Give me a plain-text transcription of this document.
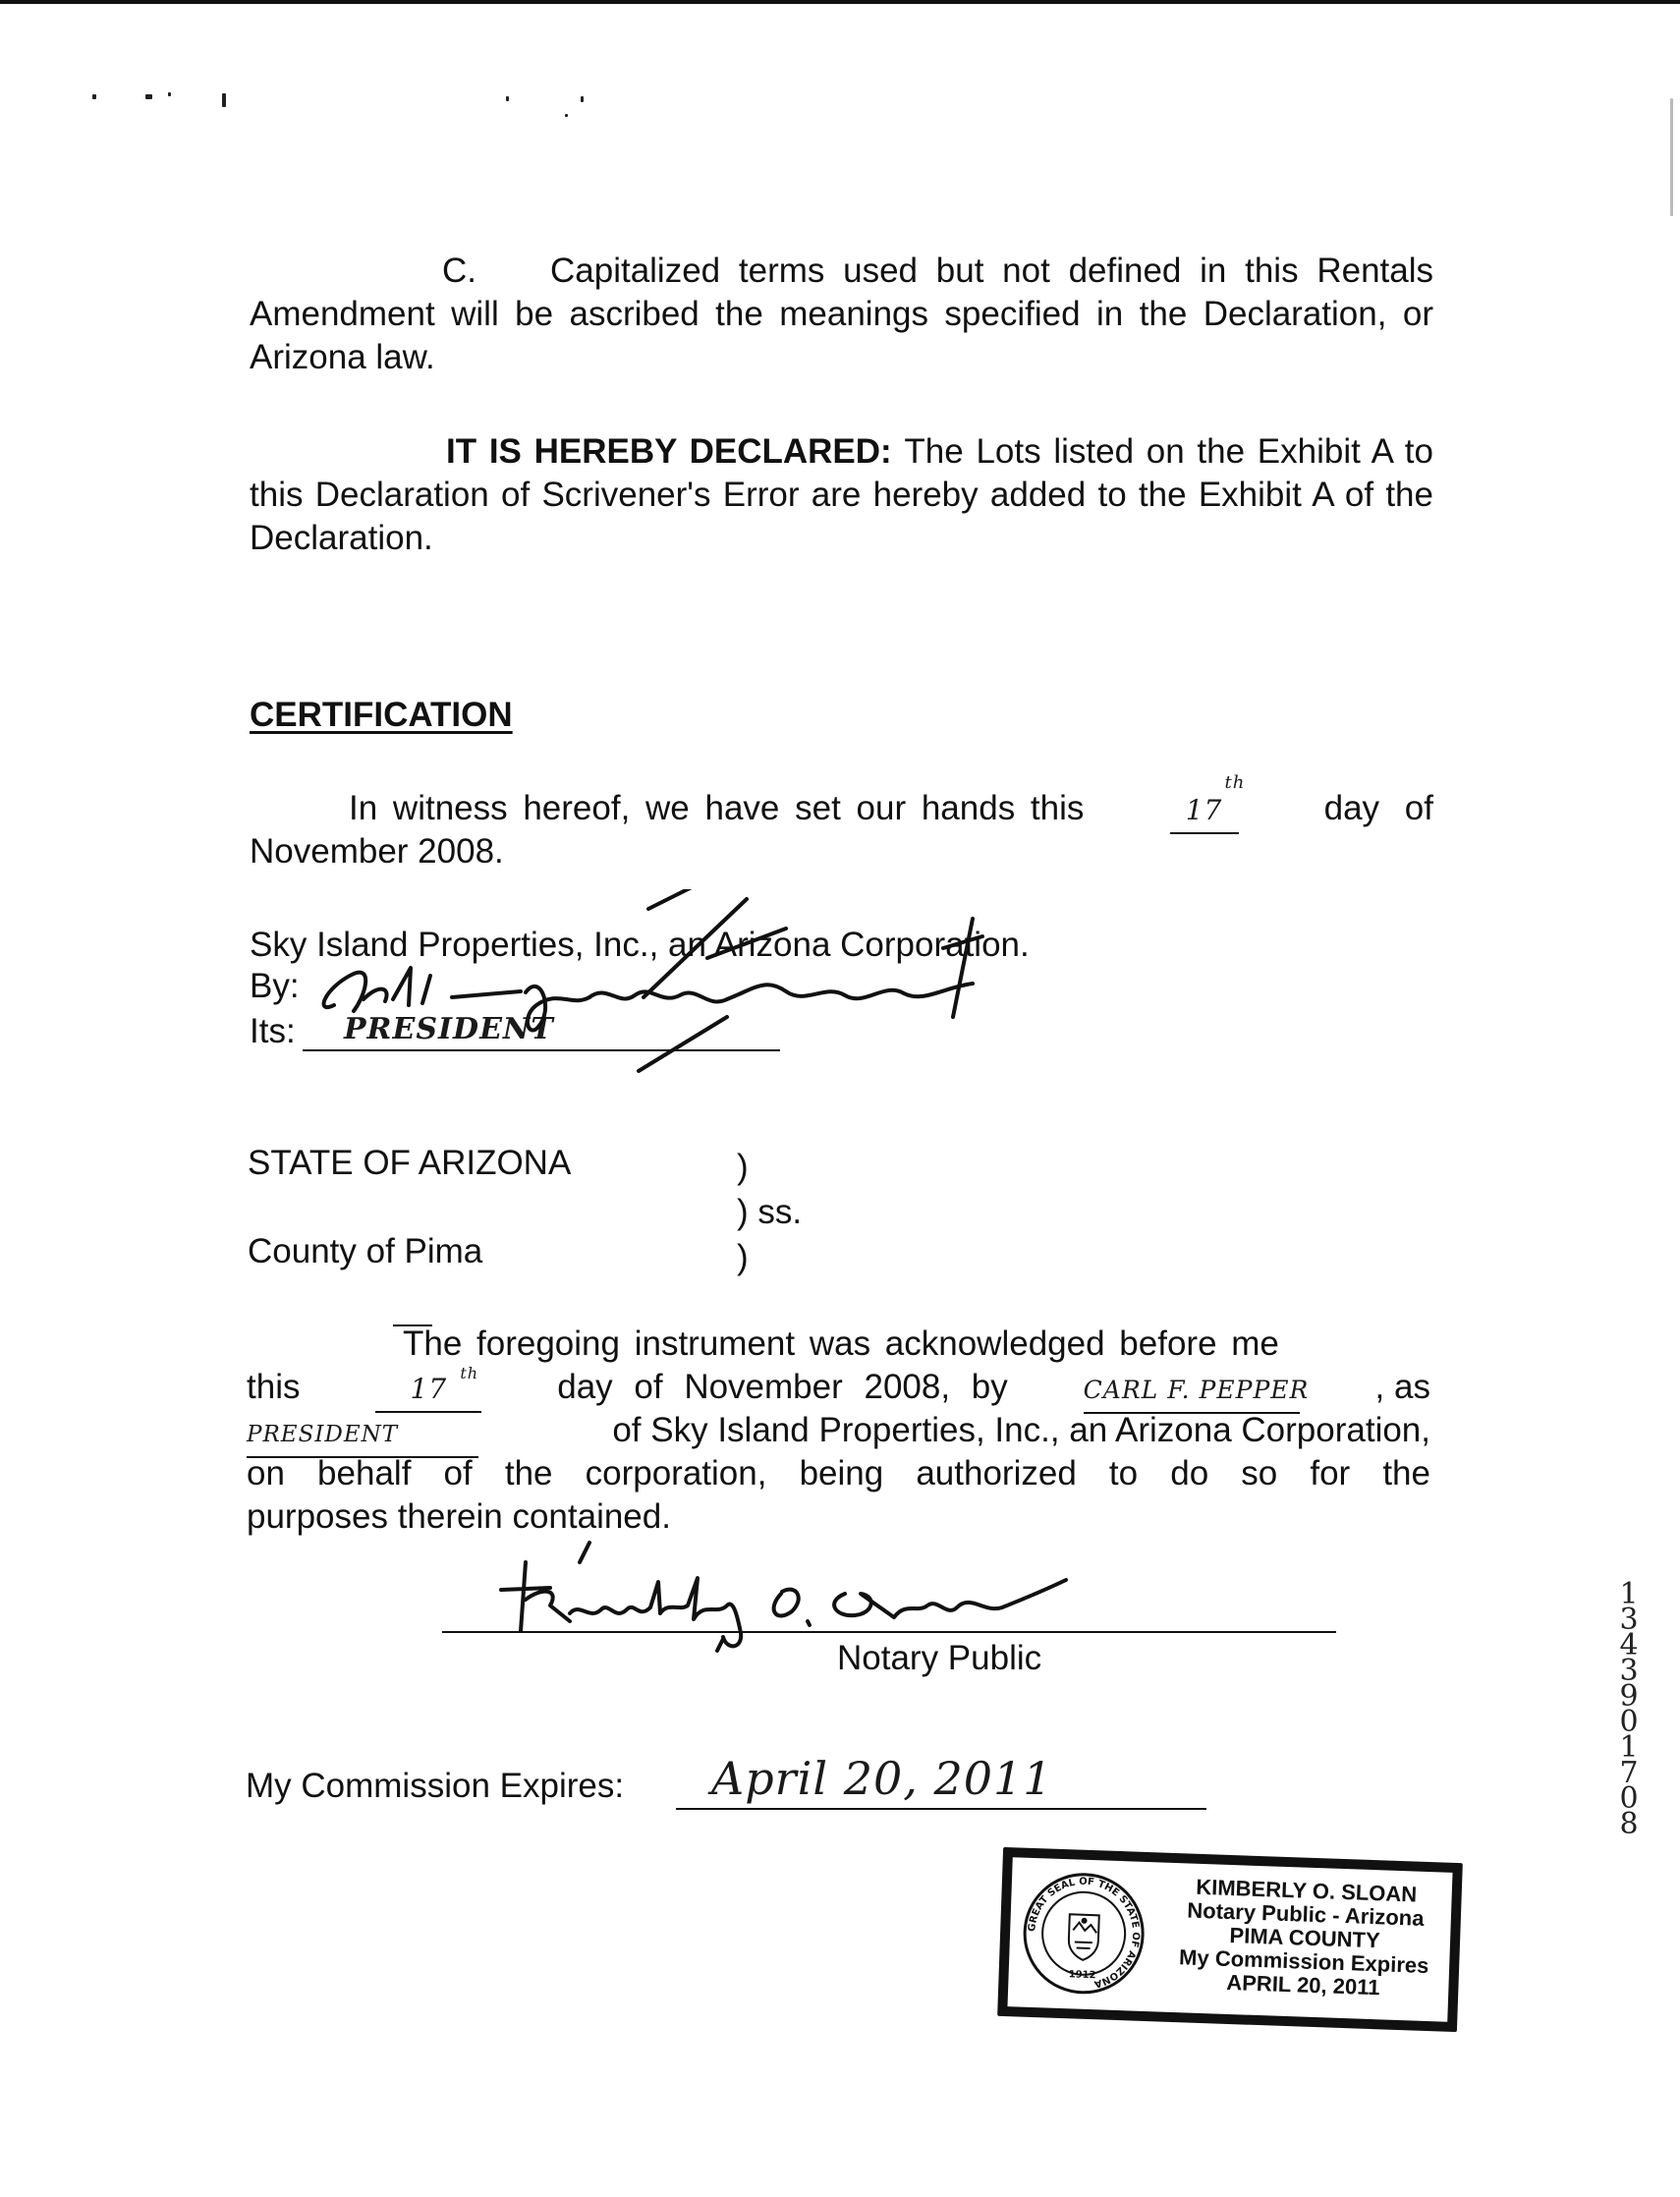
C. Capitalized terms used but not defined in this Rentals Amendment will be ascribed the meanings specified in the Declaration, or Arizona law.

IT IS HEREBY DECLARED: The Lots listed on the Exhibit A to this Declaration of Scrivener's Error are hereby added to the Exhibit A of the Declaration.

CERTIFICATION
In witness hereof, we have set our hands this	17
th
day of
November 2008.
Sky Island Properties, Inc., an Arizona Corporation.
By:
Its: PRESIDENT
STATE OF ARIZONA	)
) ss.
County of Pima	)
The foregoing instrument was acknowledged before me
this	17 th day of November 2008, by	CARL F. PEPPER , as
PRESIDENT	of Sky Island Properties, Inc., an Arizona Corporation,
on behalf of the corporation, being authorized to do so for the
purposes therein contained.
Notary Public
My Commission Expires: April 20, 2011
GREAT SEAL OF THE STATE OF ARIZONA
1912
KIMBERLY O. SLOAN
Notary Public - Arizona
PIMA COUNTY
My Commission Expires
APRIL 20, 2011
13439 01708
